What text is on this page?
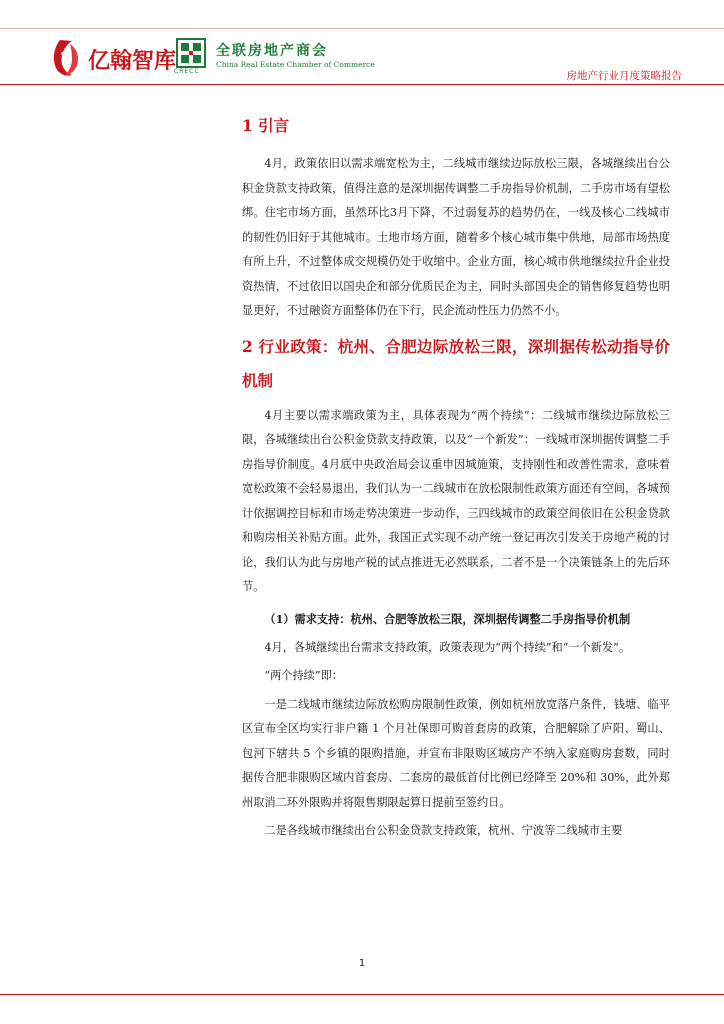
亿翰智库
CRECC
全联房地产商会
China Real Estate Chamber of Commerce
房地产行业月度策略报告
1 引言

4月，政策依旧以需求端宽松为主，二线城市继续边际放松三限，各城继续出台公积金贷款支持政策，值得注意的是深圳据传调整二手房指导价机制，二手房市场有望松绑。住宅市场方面，虽然环比3月下降，不过弱复苏的趋势仍在，一线及核心二线城市的韧性仍旧好于其他城市。土地市场方面，随着多个核心城市集中供地，局部市场热度有所上升，不过整体成交规模仍处于收缩中。企业方面，核心城市供地继续拉升企业投资热情，不过依旧以国央企和部分优质民企为主，同时头部国央企的销售修复趋势也明显更好，不过融资方面整体仍在下行，民企流动性压力仍然不小。

2 行业政策：杭州、合肥边际放松三限，深圳据传松动指导价机制

4月主要以需求端政策为主，具体表现为“两个持续”：二线城市继续边际放松三限，各城继续出台公积金贷款支持政策，以及“一个新发”：一线城市深圳据传调整二手房指导价制度。4月底中央政治局会议重申因城施策，支持刚性和改善性需求，意味着宽松政策不会轻易退出，我们认为一二线城市在放松限制性政策方面还有空间，各城预计依据调控目标和市场走势决策进一步动作，三四线城市的政策空间依旧在公积金贷款和购房相关补贴方面。此外，我国正式实现不动产统一登记再次引发关于房地产税的讨论，我们认为此与房地产税的试点推进无必然联系，二者不是一个决策链条上的先后环节。

（1）需求支持：杭州、合肥等放松三限，深圳据传调整二手房指导价机制

4月，各城继续出台需求支持政策，政策表现为“两个持续”和“一个新发”。

“两个持续”即：

一是二线城市继续边际放松购房限制性政策，例如杭州放宽落户条件，钱塘、临平区宣布全区均实行非户籍 1 个月社保即可购首套房的政策，合肥解除了庐阳、蜀山、包河下辖共 5 个乡镇的限购措施，并宣布非限购区域房产不纳入家庭购房套数，同时据传合肥非限购区域内首套房、二套房的最低首付比例已经降至 20%和 30%，此外郑州取消二环外限购并将限售期限起算日提前至签约日。

二是各线城市继续出台公积金贷款支持政策，杭州、宁波等二线城市主要

1
